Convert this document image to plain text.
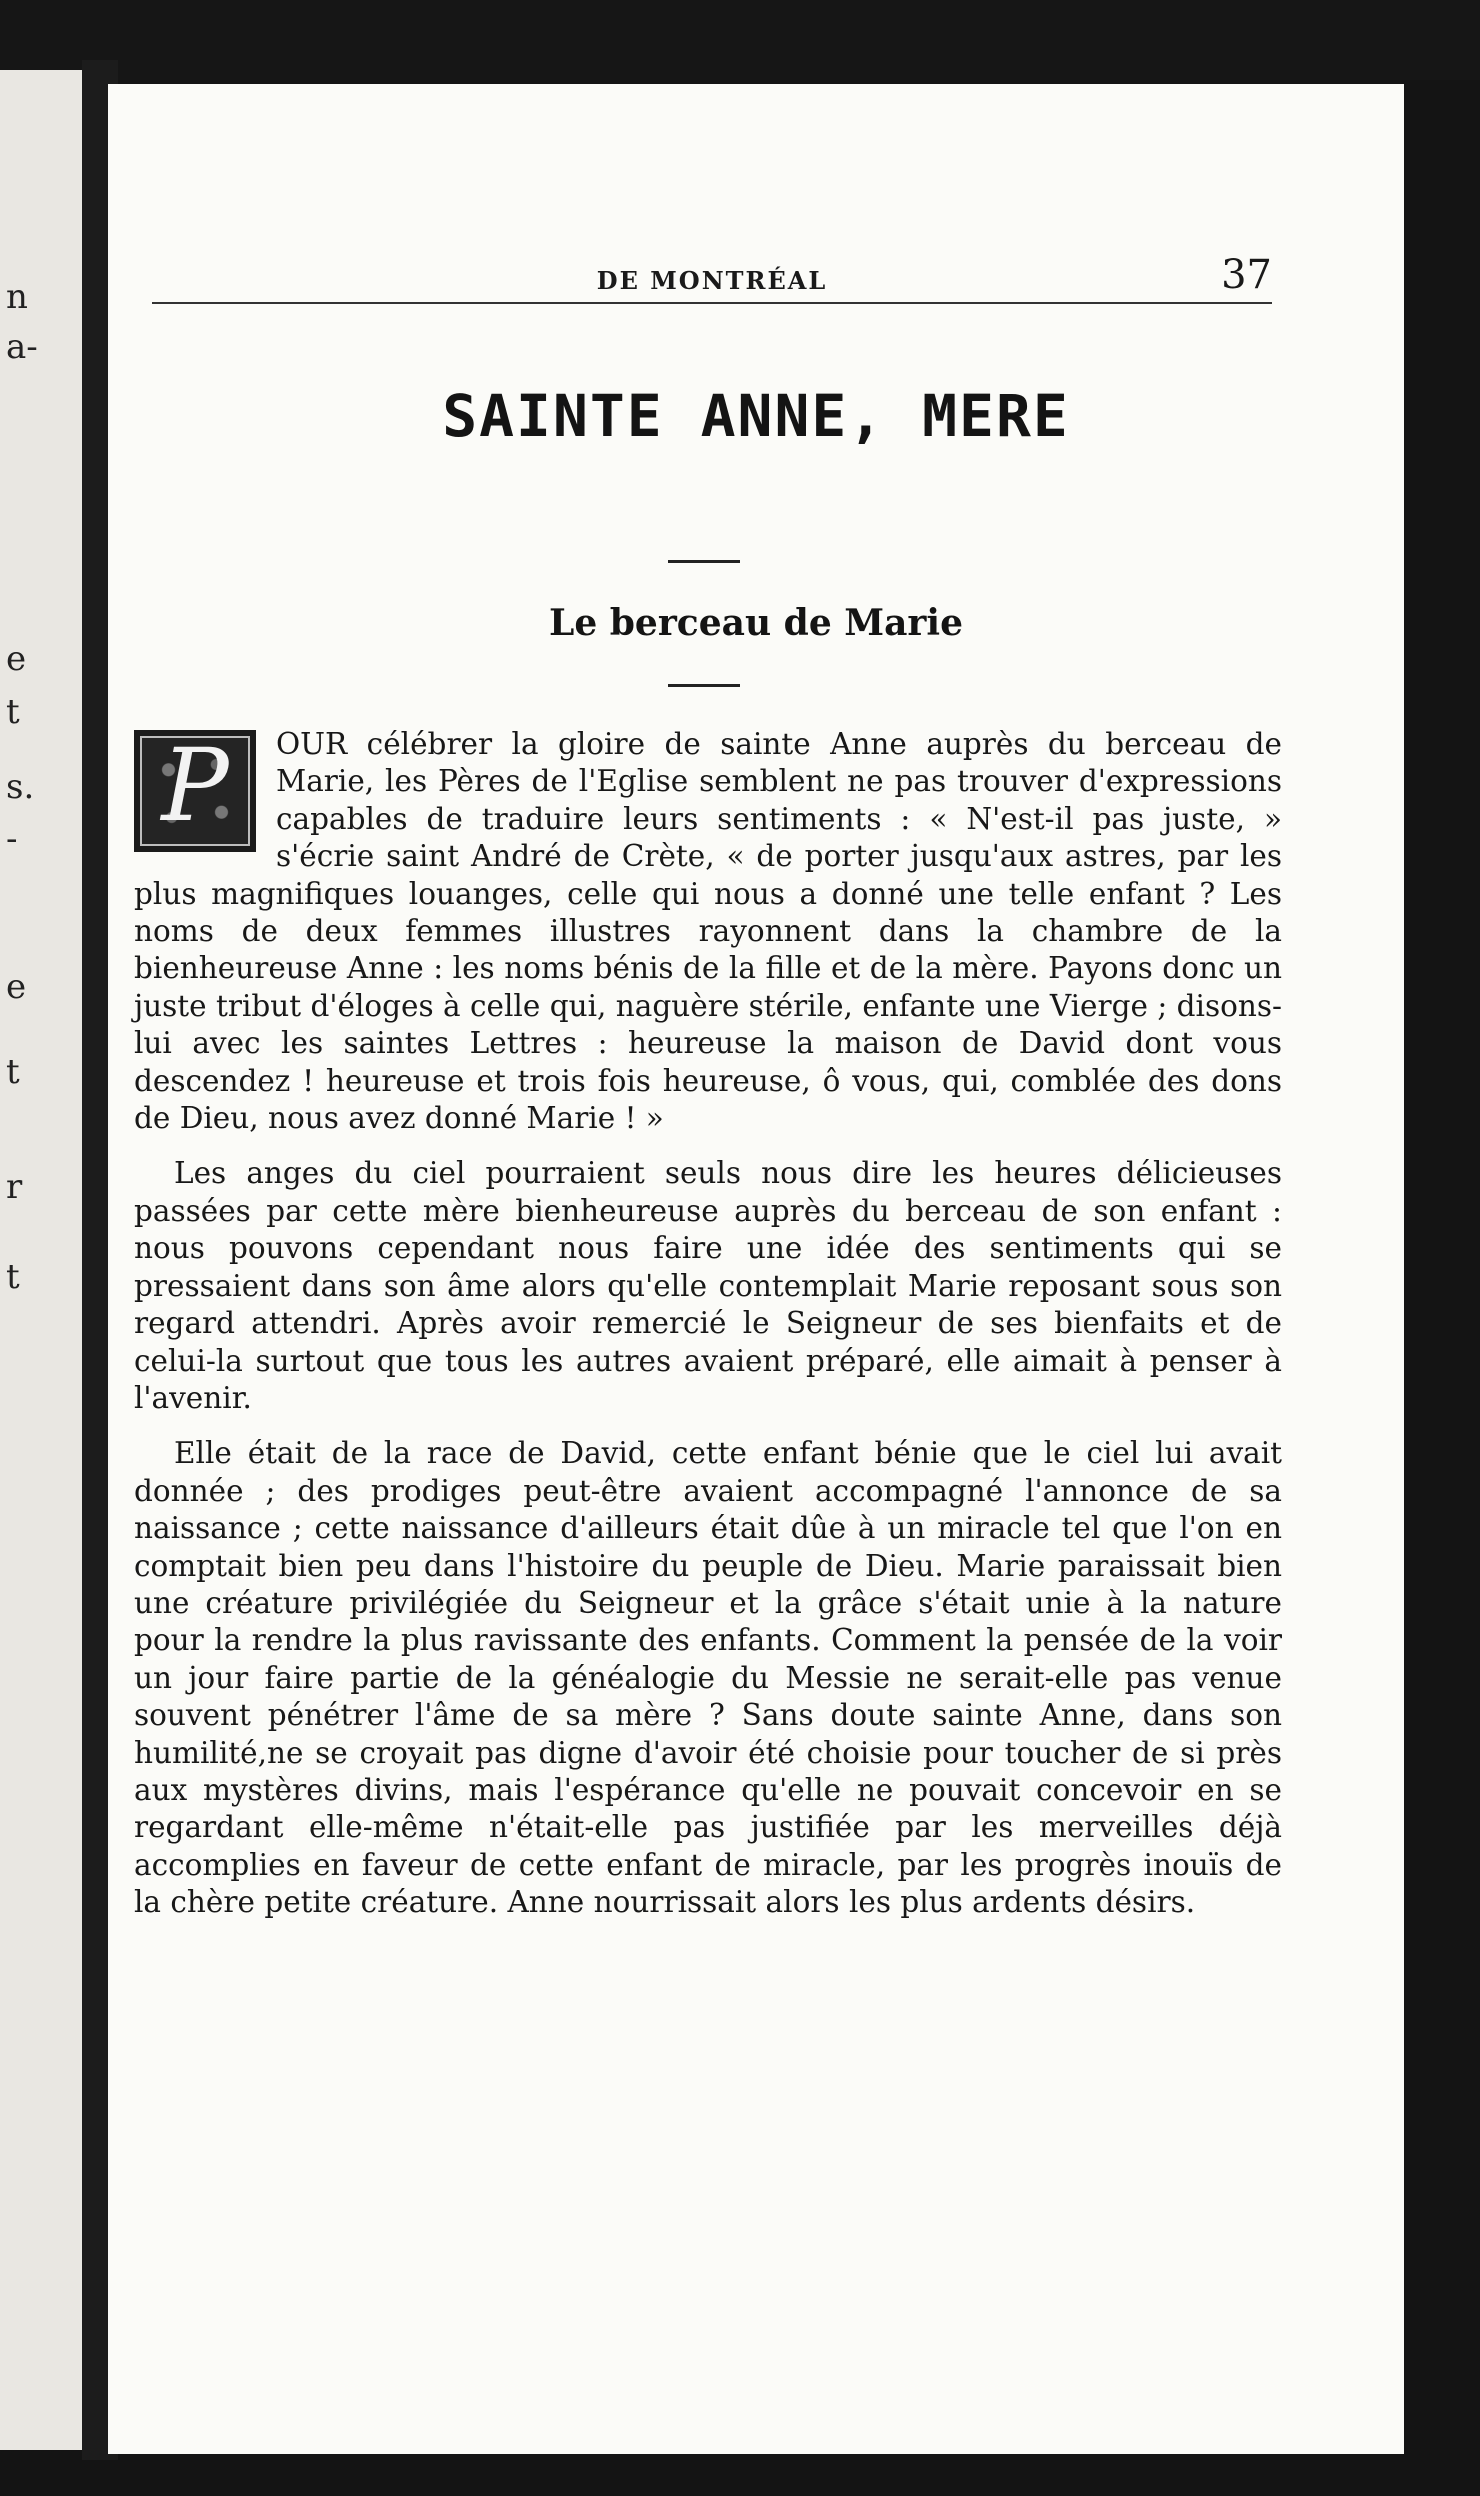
n
a-
e
t
s.
-
e
t
r
t
DE MONTRÉAL	37
SAINTE ANNE, MERE
Le berceau de Marie

P	OUR célébrer la gloire de sainte Anne auprès du berceau de Marie, les Pères de l'Eglise semblent ne pas trouver d'expressions capables de traduire leurs sentiments : « N'est-il pas juste, » s'écrie saint André de Crète, « de porter jusqu'aux astres, par les plus magnifiques louanges, celle qui nous a donné une telle enfant ? Les noms de deux femmes illustres rayonnent dans la chambre de la bienheureuse Anne : les noms bénis de la fille et de la mère. Payons donc un juste tribut d'éloges à celle qui, naguère stérile, enfante une Vierge ; disons-lui avec les saintes Lettres : heureuse la maison de David dont vous descendez ! heureuse et trois fois heureuse, ô vous, qui, comblée des dons de Dieu, nous avez donné Marie ! »

Les anges du ciel pourraient seuls nous dire les heures délicieuses passées par cette mère bienheureuse auprès du berceau de son enfant : nous pouvons cependant nous faire une idée des sentiments qui se pressaient dans son âme alors qu'elle contemplait Marie reposant sous son regard attendri. Après avoir remercié le Seigneur de ses bienfaits et de celui-la surtout que tous les autres avaient préparé, elle aimait à penser à l'avenir.

Elle était de la race de David, cette enfant bénie que le ciel lui avait donnée ; des prodiges peut-être avaient accompagné l'annonce de sa naissance ; cette naissance d'ailleurs était dûe à un miracle tel que l'on en comptait bien peu dans l'histoire du peuple de Dieu. Marie paraissait bien une créature privilégiée du Seigneur et la grâce s'était unie à la nature pour la rendre la plus ravissante des enfants. Comment la pensée de la voir un jour faire partie de la généalogie du Messie ne serait-elle pas venue souvent pénétrer l'âme de sa mère ? Sans doute sainte Anne, dans son humilité,ne se croyait pas digne d'avoir été choisie pour toucher de si près aux mystères divins, mais l'espérance qu'elle ne pouvait concevoir en se regardant elle-même n'était-elle pas justifiée par les merveilles déjà accomplies en faveur de cette enfant de miracle, par les progrès inouïs de la chère petite créature. Anne nourrissait alors les plus ardents désirs.
